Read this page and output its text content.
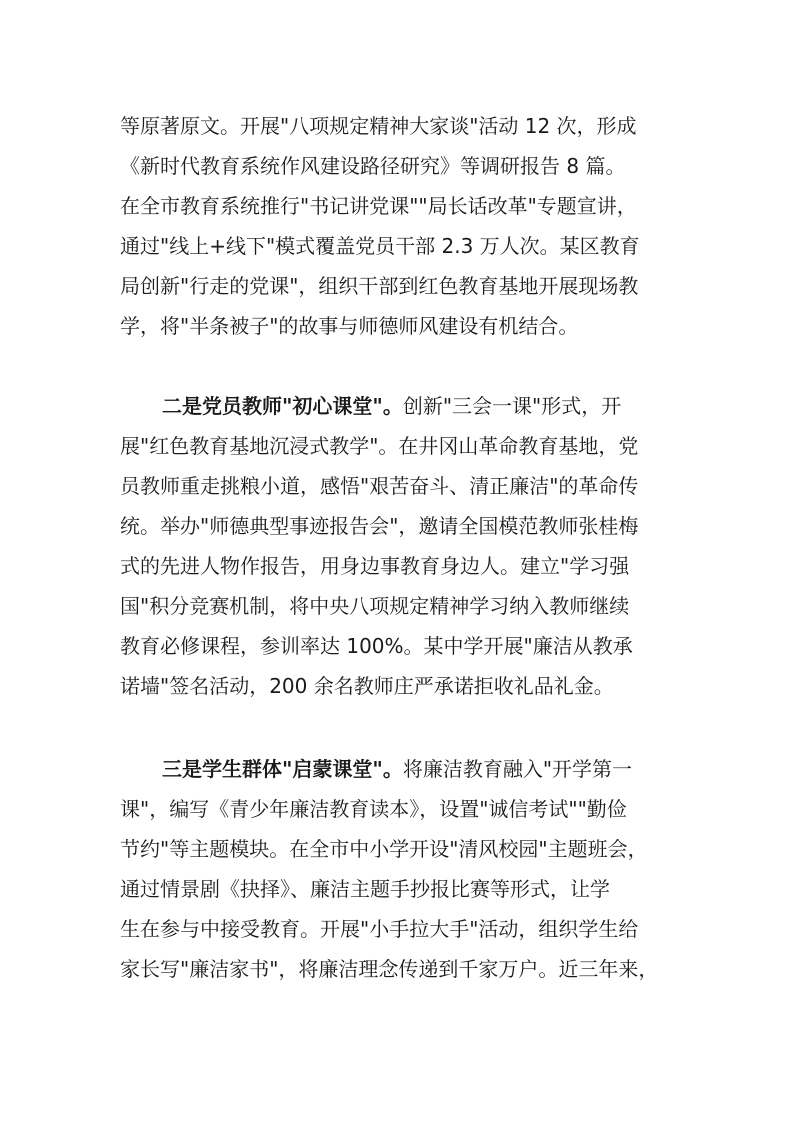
等原著原文。开展"八项规定精神大家谈"活动 12 次，形成
《新时代教育系统作风建设路径研究》等调研报告 8 篇。
在全市教育系统推行"书记讲党课""局长话改革"专题宣讲，
通过"线上+线下"模式覆盖党员干部 2.3 万人次。某区教育
局创新"行走的党课"，组织干部到红色教育基地开展现场教
学，将"半条被子"的故事与师德师风建设有机结合。
二是党员教师"初心课堂"。创新"三会一课"形式，开
展"红色教育基地沉浸式教学"。在井冈山革命教育基地，党
员教师重走挑粮小道，感悟"艰苦奋斗、清正廉洁"的革命传
统。举办"师德典型事迹报告会"，邀请全国模范教师张桂梅
式的先进人物作报告，用身边事教育身边人。建立"学习强
国"积分竞赛机制，将中央八项规定精神学习纳入教师继续
教育必修课程，参训率达 100%。某中学开展"廉洁从教承
诺墙"签名活动，200 余名教师庄严承诺拒收礼品礼金。
三是学生群体"启蒙课堂"。将廉洁教育融入"开学第一
课"，编写《青少年廉洁教育读本》，设置"诚信考试""勤俭
节约"等主题模块。在全市中小学开设"清风校园"主题班会，
通过情景剧《抉择》、廉洁主题手抄报比赛等形式，让学
生在参与中接受教育。开展"小手拉大手"活动，组织学生给
家长写"廉洁家书"，将廉洁理念传递到千家万户。近三年来，
